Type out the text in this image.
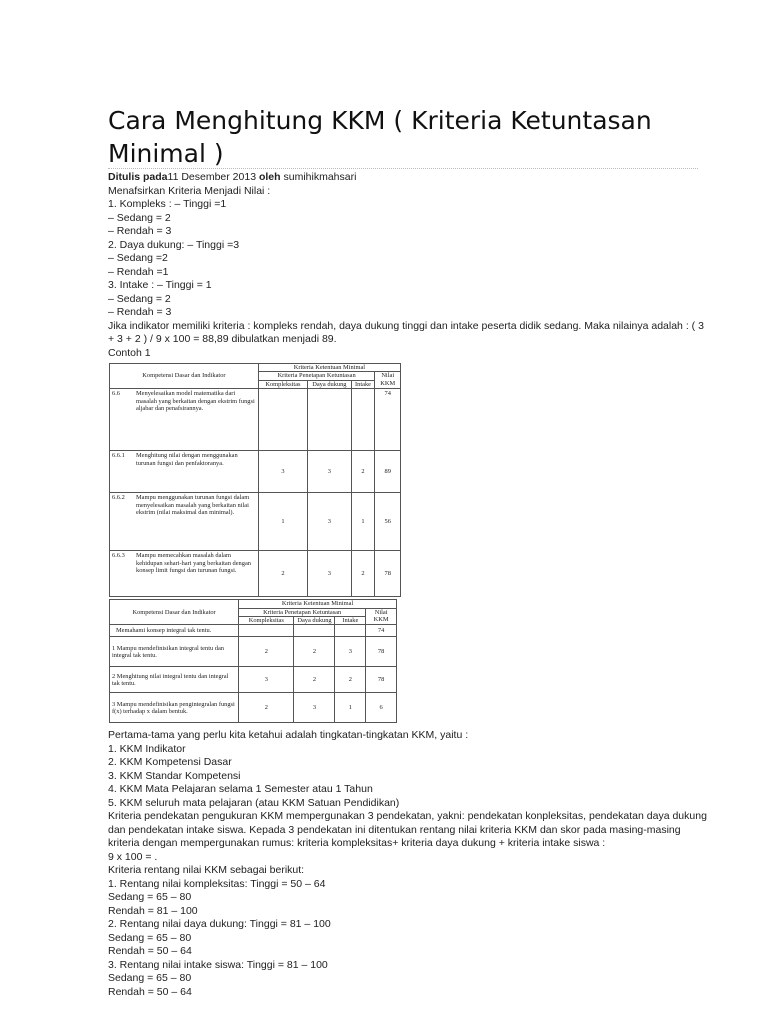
Cara Menghitung KKM ( Kriteria Ketuntasan Minimal )
Ditulis pada11 Desember 2013 oleh sumihikmahsari
Menafsirkan Kriteria Menjadi Nilai :
1. Kompleks : – Tinggi =1
– Sedang = 2
– Rendah = 3
2. Daya dukung: – Tinggi =3
– Sedang =2
– Rendah =1
3. Intake : – Tinggi = 1
– Sedang = 2
– Rendah = 3
Jika indikator memiliki kriteria : kompleks rendah, daya dukung tinggi dan intake peserta didik sedang. Maka nilainya adalah : ( 3 + 3 + 2 ) / 9 x 100 = 88,89 dibulatkan menjadi 89.
Contoh 1
Kompetensi Dasar dan Indikator	Kriteria Ketentuan Minimal			
	Kriteria Penetapan Ketuntasan			Nilai KKM
	Kompleksitas	Daya dukung	Intake	

6.6 Menyelesaikan model matematika dari masalah yang berkaitan dengan ekstrim fungsi aljabar dan penafsirannya.				74

6.6.1 Menghitung nilai dengan menggunakan turunan fungsi dan penfaktoranya.	3	3	2	89

6.6.2 Mampu menggunakan turunan fungsi dalam menyelesaikan masalah yang berkaitan nilai ekstrim (nilai maksimal dan minimal).	1	3	1	56

6.6.3 Mampu memecahkan masalah dalam kehidupan sehari-hari yang berkaitan dengan konsep limit fungsi dan turunan fungsi.	2	3	2	78
Kompetensi Dasar dan Indikator	Kriteria Ketentuan Minimal			
	Kriteria Penetapan Ketuntasan			Nilai KKM
	Kompleksitas	Daya dukung	Intake	
Memahami konsep integral tak tentu.				74
1 Mampu mendefinisikan integral tentu dan integral tak tentu.	2	2	3	78
2 Menghitung nilai integral tentu dan integral tak tentu.	3	2	2	78
3 Mampu mendefinisikan pengintegralan fungsi f(x) terhadap x dalam bentuk.	2	3	1	6
Pertama-tama yang perlu kita ketahui adalah tingkatan-tingkatan KKM, yaitu :
1. KKM Indikator
2. KKM Kompetensi Dasar
3. KKM Standar Kompetensi
4. KKM Mata Pelajaran selama 1 Semester atau 1 Tahun
5. KKM seluruh mata pelajaran (atau KKM Satuan Pendidikan)
Kriteria pendekatan pengukuran KKM mempergunakan 3 pendekatan, yakni: pendekatan konpleksitas, pendekatan daya dukung dan pendekatan intake siswa. Kepada 3 pendekatan ini ditentukan rentang nilai kriteria KKM dan skor pada masing-masing kriteria dengan mempergunakan rumus: kriteria kompleksitas+ kriteria daya dukung + kriteria intake siswa :
9 x 100 = .
Kriteria rentang nilai KKM sebagai berikut:
1. Rentang nilai kompleksitas: Tinggi = 50 – 64
Sedang = 65 – 80
Rendah = 81 – 100
2. Rentang nilai daya dukung: Tinggi = 81 – 100
Sedang = 65 – 80
Rendah = 50 – 64
3. Rentang nilai intake siswa: Tinggi = 81 – 100
Sedang = 65 – 80
Rendah = 50 – 64
